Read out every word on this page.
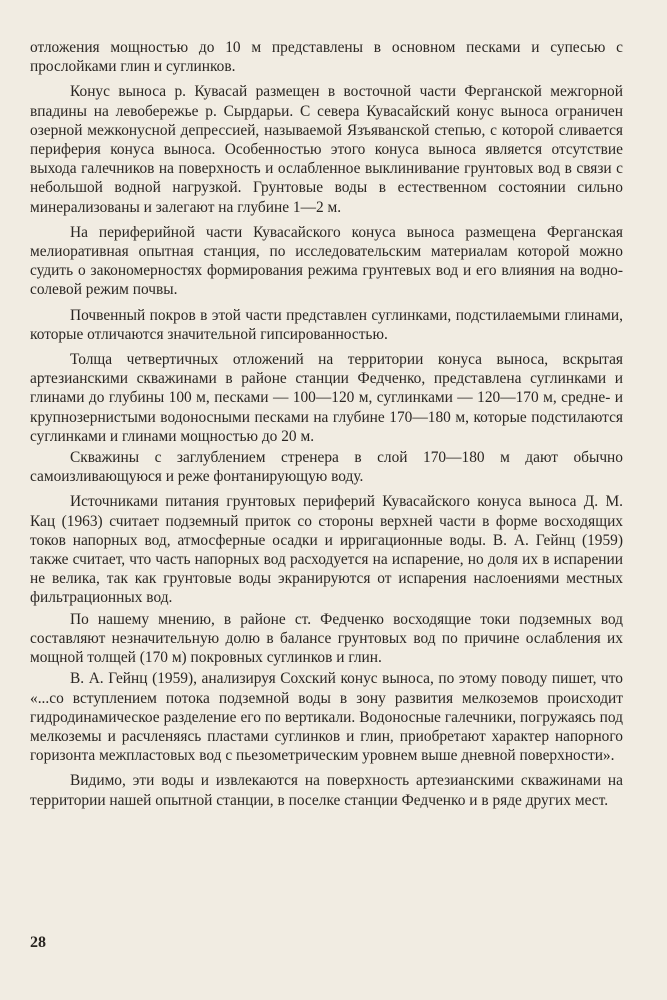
отложения мощностью до 10 м представлены в основном песками и супесью с прослойками глин и суглинков.

Конус выноса р. Кувасай размещен в восточной части Ферганской межгорной впадины на левобережье р. Сырдарьи. С севера Кувасайский конус выноса ограничен озерной межконусной депрессией, называемой Язъяванской степью, с которой сливается периферия конуса выноса. Особенностью этого конуса выноса является отсутствие выхода галечников на поверхность и ослабленное выклинивание грунтовых вод в связи с небольшой водной нагрузкой. Грунтовые воды в естественном состоянии сильно минерализованы и залегают на глубине 1—2 м.

На периферийной части Кувасайского конуса выноса размещена Ферганская мелиоративная опытная станция, по исследовательским материалам которой можно судить о закономерностях формирования режима грунтевых вод и его влияния на водно-солевой режим почвы.

Почвенный покров в этой части представлен суглинками, подстилаемыми глинами, которые отличаются значительной гипсированностью.

Толща четвертичных отложений на территории конуса выноса, вскрытая артезианскими скважинами в районе станции Федченко, представлена суглинками и глинами до глубины 100 м, песками — 100—120 м, суглинками — 120—170 м, средне- и крупнозернистыми водоносными песками на глубине 170—180 м, которые подстилаются суглинками и глинами мощностью до 20 м.

Скважины с заглублением стренера в слой 170—180 м дают обычно самоизливающуюся и реже фонтанирующую воду.

Источниками питания грунтовых периферий Кувасайского конуса выноса Д. М. Кац (1963) считает подземный приток со стороны верхней части в форме восходящих токов напорных вод, атмосферные осадки и ирригационные воды. В. А. Гейнц (1959) также считает, что часть напорных вод расходуется на испарение, но доля их в испарении не велика, так как грунтовые воды экранируются от испарения наслоениями местных фильтрационных вод.

По нашему мнению, в районе ст. Федченко восходящие токи подземных вод составляют незначительную долю в балансе грунтовых вод по причине ослабления их мощной толщей (170 м) покровных суглинков и глин.

В. А. Гейнц (1959), анализируя Сохский конус выноса, по этому поводу пишет, что «...со вступлением потока подземной воды в зону развития мелкоземов происходит гидродинамическое разделение его по вертикали. Водоносные галечники, погружаясь под мелкоземы и расчленяясь пластами суглинков и глин, приобретают характер напорного горизонта межпластовых вод с пьезометрическим уровнем выше дневной поверхности».

Видимо, эти воды и извлекаются на поверхность артезианскими скважинами на территории нашей опытной станции, в поселке станции Федченко и в ряде других мест.

28
